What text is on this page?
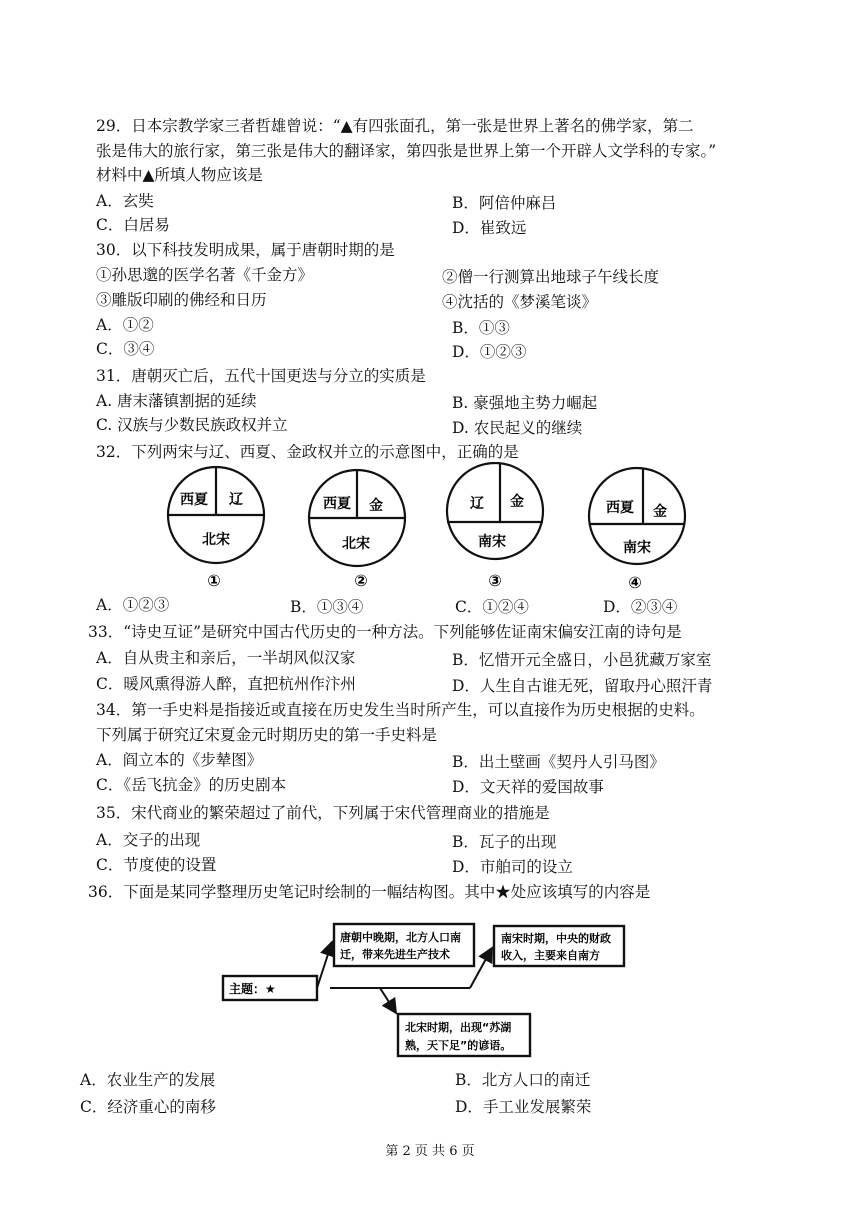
29．日本宗教学家三者哲雄曾说：“▲有四张面孔，第一张是世界上著名的佛学家，第二
张是伟大的旅行家，第三张是伟大的翻译家，第四张是世界上第一个开辟人文学科的专家。”
材料中▲所填人物应该是
A．玄奘	B．阿倍仲麻吕
C．白居易	D．崔致远
30．以下科技发明成果，属于唐朝时期的是
①孙思邈的医学名著《千金方》	②僧一行测算出地球子午线长度
③雕版印刷的佛经和日历	④沈括的《梦溪笔谈》
A．①②	B．①③
C．③④	D．①②③
31．唐朝灭亡后，五代十国更迭与分立的实质是
A. 唐末藩镇割据的延续	B. 豪强地主势力崛起
C. 汉族与少数民族政权并立	D. 农民起义的继续
32．下列两宋与辽、西夏、金政权并立的示意图中，正确的是
西夏 辽
北宋
①
西夏 金
北宋
②
辽 金
南宋
③
西夏 金
南宋
④
A．①②③	B．①③④	C．①②④	D．②③④
33．“诗史互证”是研究中国古代历史的一种方法。下列能够佐证南宋偏安江南的诗句是
A．自从贵主和亲后，一半胡风似汉家	B．忆惜开元全盛日，小邑犹藏万家室
C．暖风熏得游人醉，直把杭州作汴州	D．人生自古谁无死，留取丹心照汗青
34．第一手史料是指接近或直接在历史发生当时所产生，可以直接作为历史根据的史料。
下列属于研究辽宋夏金元时期历史的第一手史料是
A．阎立本的《步辇图》	B．出土壁画《契丹人引马图》
C．《岳飞抗金》的历史剧本	D．文天祥的爱国故事
35．宋代商业的繁荣超过了前代，下列属于宋代管理商业的措施是
A．交子的出现	B．瓦子的出现
C．节度使的设置	D．市舶司的设立
36．下面是某同学整理历史笔记时绘制的一幅结构图。其中★处应该填写的内容是
主题：★
唐朝中晚期，北方人口南
迁，带来先进生产技术
南宋时期，中央的财政
收入，主要来自南方
北宋时期，出现“苏湖
熟，天下足”的谚语。
A．农业生产的发展	B．北方人口的南迁
C．经济重心的南移	D．手工业发展繁荣
第 2 页 共 6 页
